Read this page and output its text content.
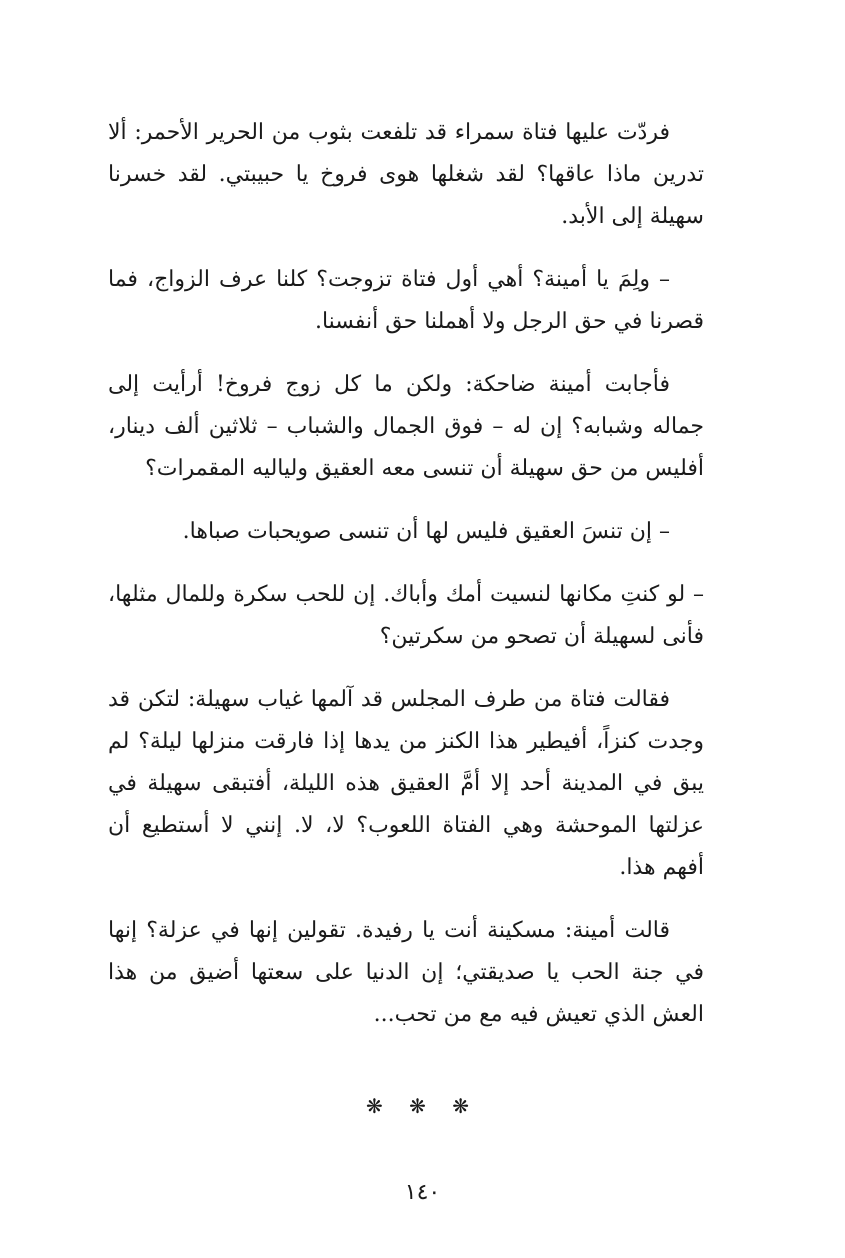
فردّت عليها فتاة سمراء قد تلفعت بثوب من الحرير الأحمر: ألا تدرين ماذا عاقها؟ لقد شغلها هوى فروخ يا حبيبتي. لقد خسرنا سهيلة إلى الأبد.

– ولِمَ يا أمينة؟ أهي أول فتاة تزوجت؟ كلنا عرف الزواج، فما قصرنا في حق الرجل ولا أهملنا حق أنفسنا.

فأجابت أمينة ضاحكة: ولكن ما كل زوج فروخ! أرأيت إلى جماله وشبابه؟ إن له – فوق الجمال والشباب – ثلاثين ألف دينار، أفليس من حق سهيلة أن تنسى معه العقيق ولياليه المقمرات؟

– إن تنسَ العقيق فليس لها أن تنسى صويحبات صباها.

– لو كنتِ مكانها لنسيت أمك وأباك. إن للحب سكرة وللمال مثلها، فأنى لسهيلة أن تصحو من سكرتين؟

فقالت فتاة من طرف المجلس قد آلمها غياب سهيلة: لتكن قد وجدت كنزاً، أفيطير هذا الكنز من يدها إذا فارقت منزلها ليلة؟ لم يبق في المدينة أحد إلا أمَّ العقيق هذه الليلة، أفتبقى سهيلة في عزلتها الموحشة وهي الفتاة اللعوب؟ لا، لا. إنني لا أستطيع أن أفهم هذا.

قالت أمينة: مسكينة أنت يا رفيدة. تقولين إنها في عزلة؟ إنها في جنة الحب يا صديقتي؛ إن الدنيا على سعتها أضيق من هذا العش الذي تعيش فيه مع من تحب...

❋ ❋ ❋
١٤٠
